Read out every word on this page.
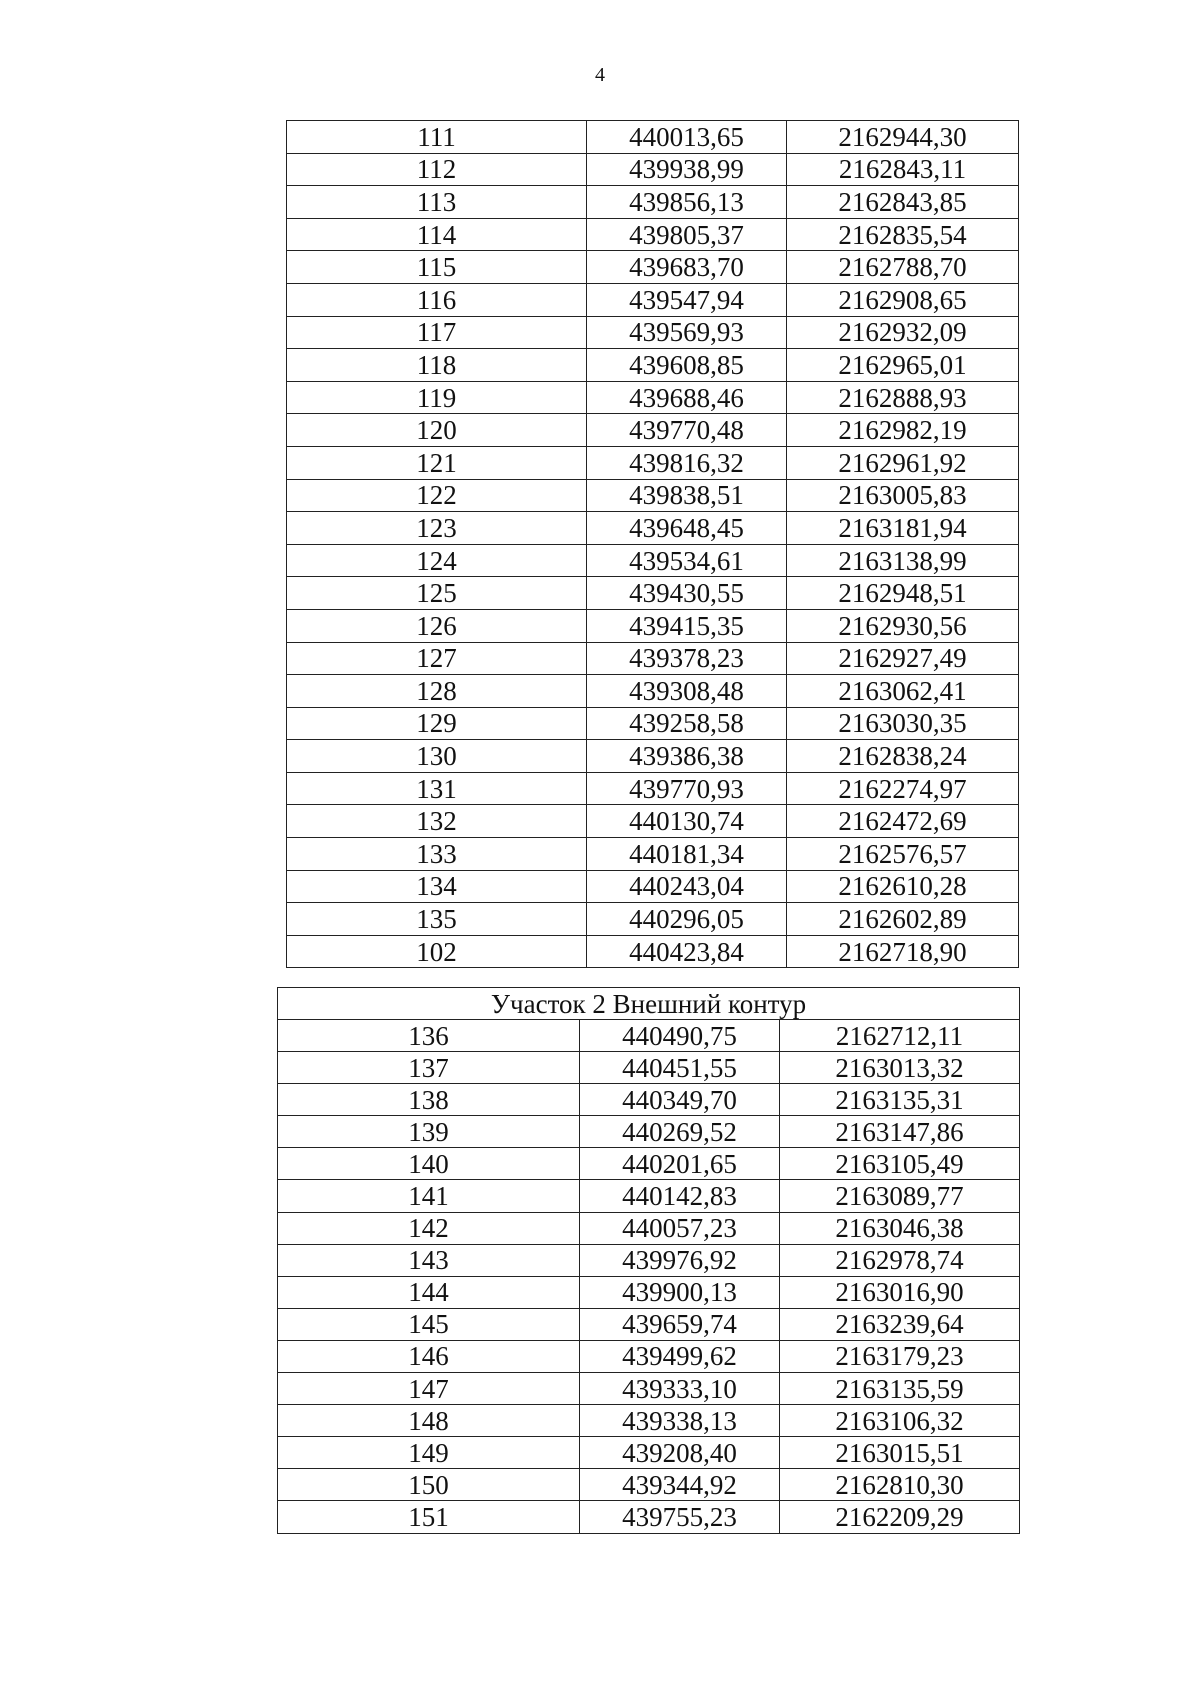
4
111	440013,65	2162944,30
112	439938,99	2162843,11
113	439856,13	2162843,85
114	439805,37	2162835,54
115	439683,70	2162788,70
116	439547,94	2162908,65
117	439569,93	2162932,09
118	439608,85	2162965,01
119	439688,46	2162888,93
120	439770,48	2162982,19
121	439816,32	2162961,92
122	439838,51	2163005,83
123	439648,45	2163181,94
124	439534,61	2163138,99
125	439430,55	2162948,51
126	439415,35	2162930,56
127	439378,23	2162927,49
128	439308,48	2163062,41
129	439258,58	2163030,35
130	439386,38	2162838,24
131	439770,93	2162274,97
132	440130,74	2162472,69
133	440181,34	2162576,57
134	440243,04	2162610,28
135	440296,05	2162602,89
102	440423,84	2162718,90
Участок 2 Внешний контур		
136	440490,75	2162712,11
137	440451,55	2163013,32
138	440349,70	2163135,31
139	440269,52	2163147,86
140	440201,65	2163105,49
141	440142,83	2163089,77
142	440057,23	2163046,38
143	439976,92	2162978,74
144	439900,13	2163016,90
145	439659,74	2163239,64
146	439499,62	2163179,23
147	439333,10	2163135,59
148	439338,13	2163106,32
149	439208,40	2163015,51
150	439344,92	2162810,30
151	439755,23	2162209,29
